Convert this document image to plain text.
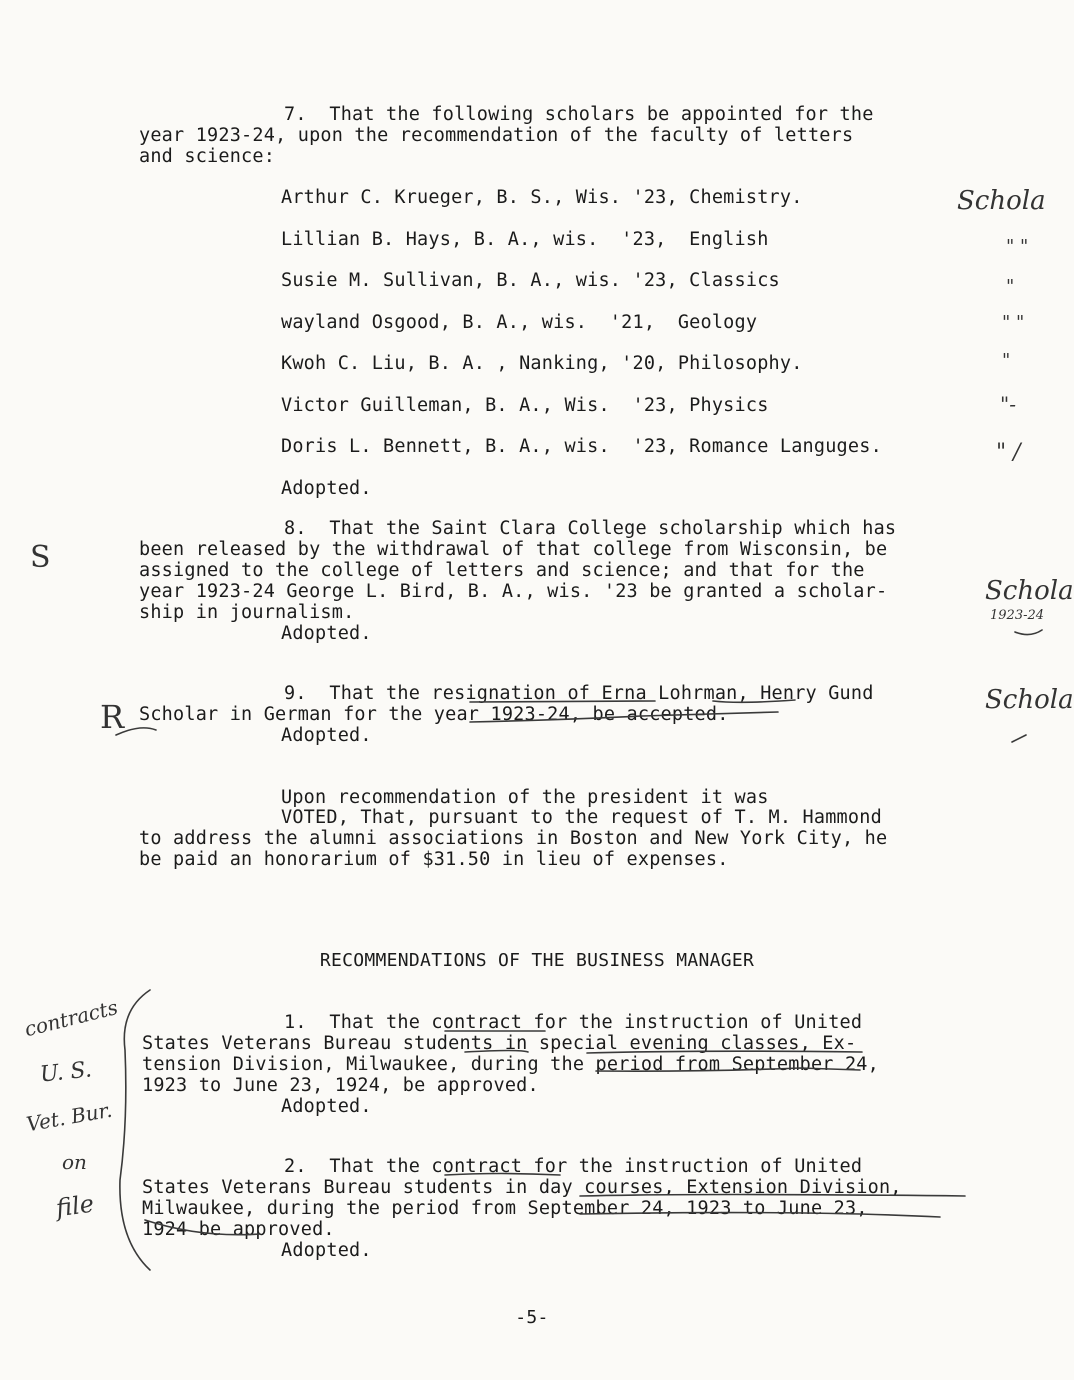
7.  That the following scholars be appointed for the
year 1923-24, upon the recommendation of the faculty of letters
and science:
Arthur C. Krueger, B. S., Wis. '23, Chemistry.
Lillian B. Hays, B. A., wis.  '23,  English
Susie M. Sullivan, B. A., wis. '23, Classics
wayland Osgood, B. A., wis.  '21,  Geology
Kwoh C. Liu, B. A. , Nanking, '20, Philosophy.
Victor Guilleman, B. A., Wis.  '23, Physics
Doris L. Bennett, B. A., wis.  '23, Romance Languges.
Adopted.
Schola
" "
"
" "
"
"-
" /
8.  That the Saint Clara College scholarship which has
been released by the withdrawal of that college from Wisconsin, be
assigned to the college of letters and science; and that for the
year 1923-24 George L. Bird, B. A., wis. '23 be granted a scholar-
ship in journalism.
Adopted.
S
Schola
1923-24
9.  That the resignation of Erna Lohrman, Henry Gund
Scholar in German for the year 1923-24, be accepted.
Adopted.
R	Schola
Upon recommendation of the president it was
VOTED, That, pursuant to the request of T. M. Hammond
to address the alumni associations in Boston and New York City, he
be paid an honorarium of $31.50 in lieu of expenses.
RECOMMENDATIONS OF THE BUSINESS MANAGER
1.  That the contract for the instruction of United
States Veterans Bureau students in special evening classes, Ex-
tension Division, Milwaukee, during the period from September 24,
1923 to June 23, 1924, be approved.
Adopted.
2.  That the contract for the instruction of United
States Veterans Bureau students in day courses, Extension Division,
Milwaukee, during the period from September 24, 1923 to June 23,
1924 be approved.
Adopted.
contracts
U. S.
Vet. Bur.
on
file
-5-
